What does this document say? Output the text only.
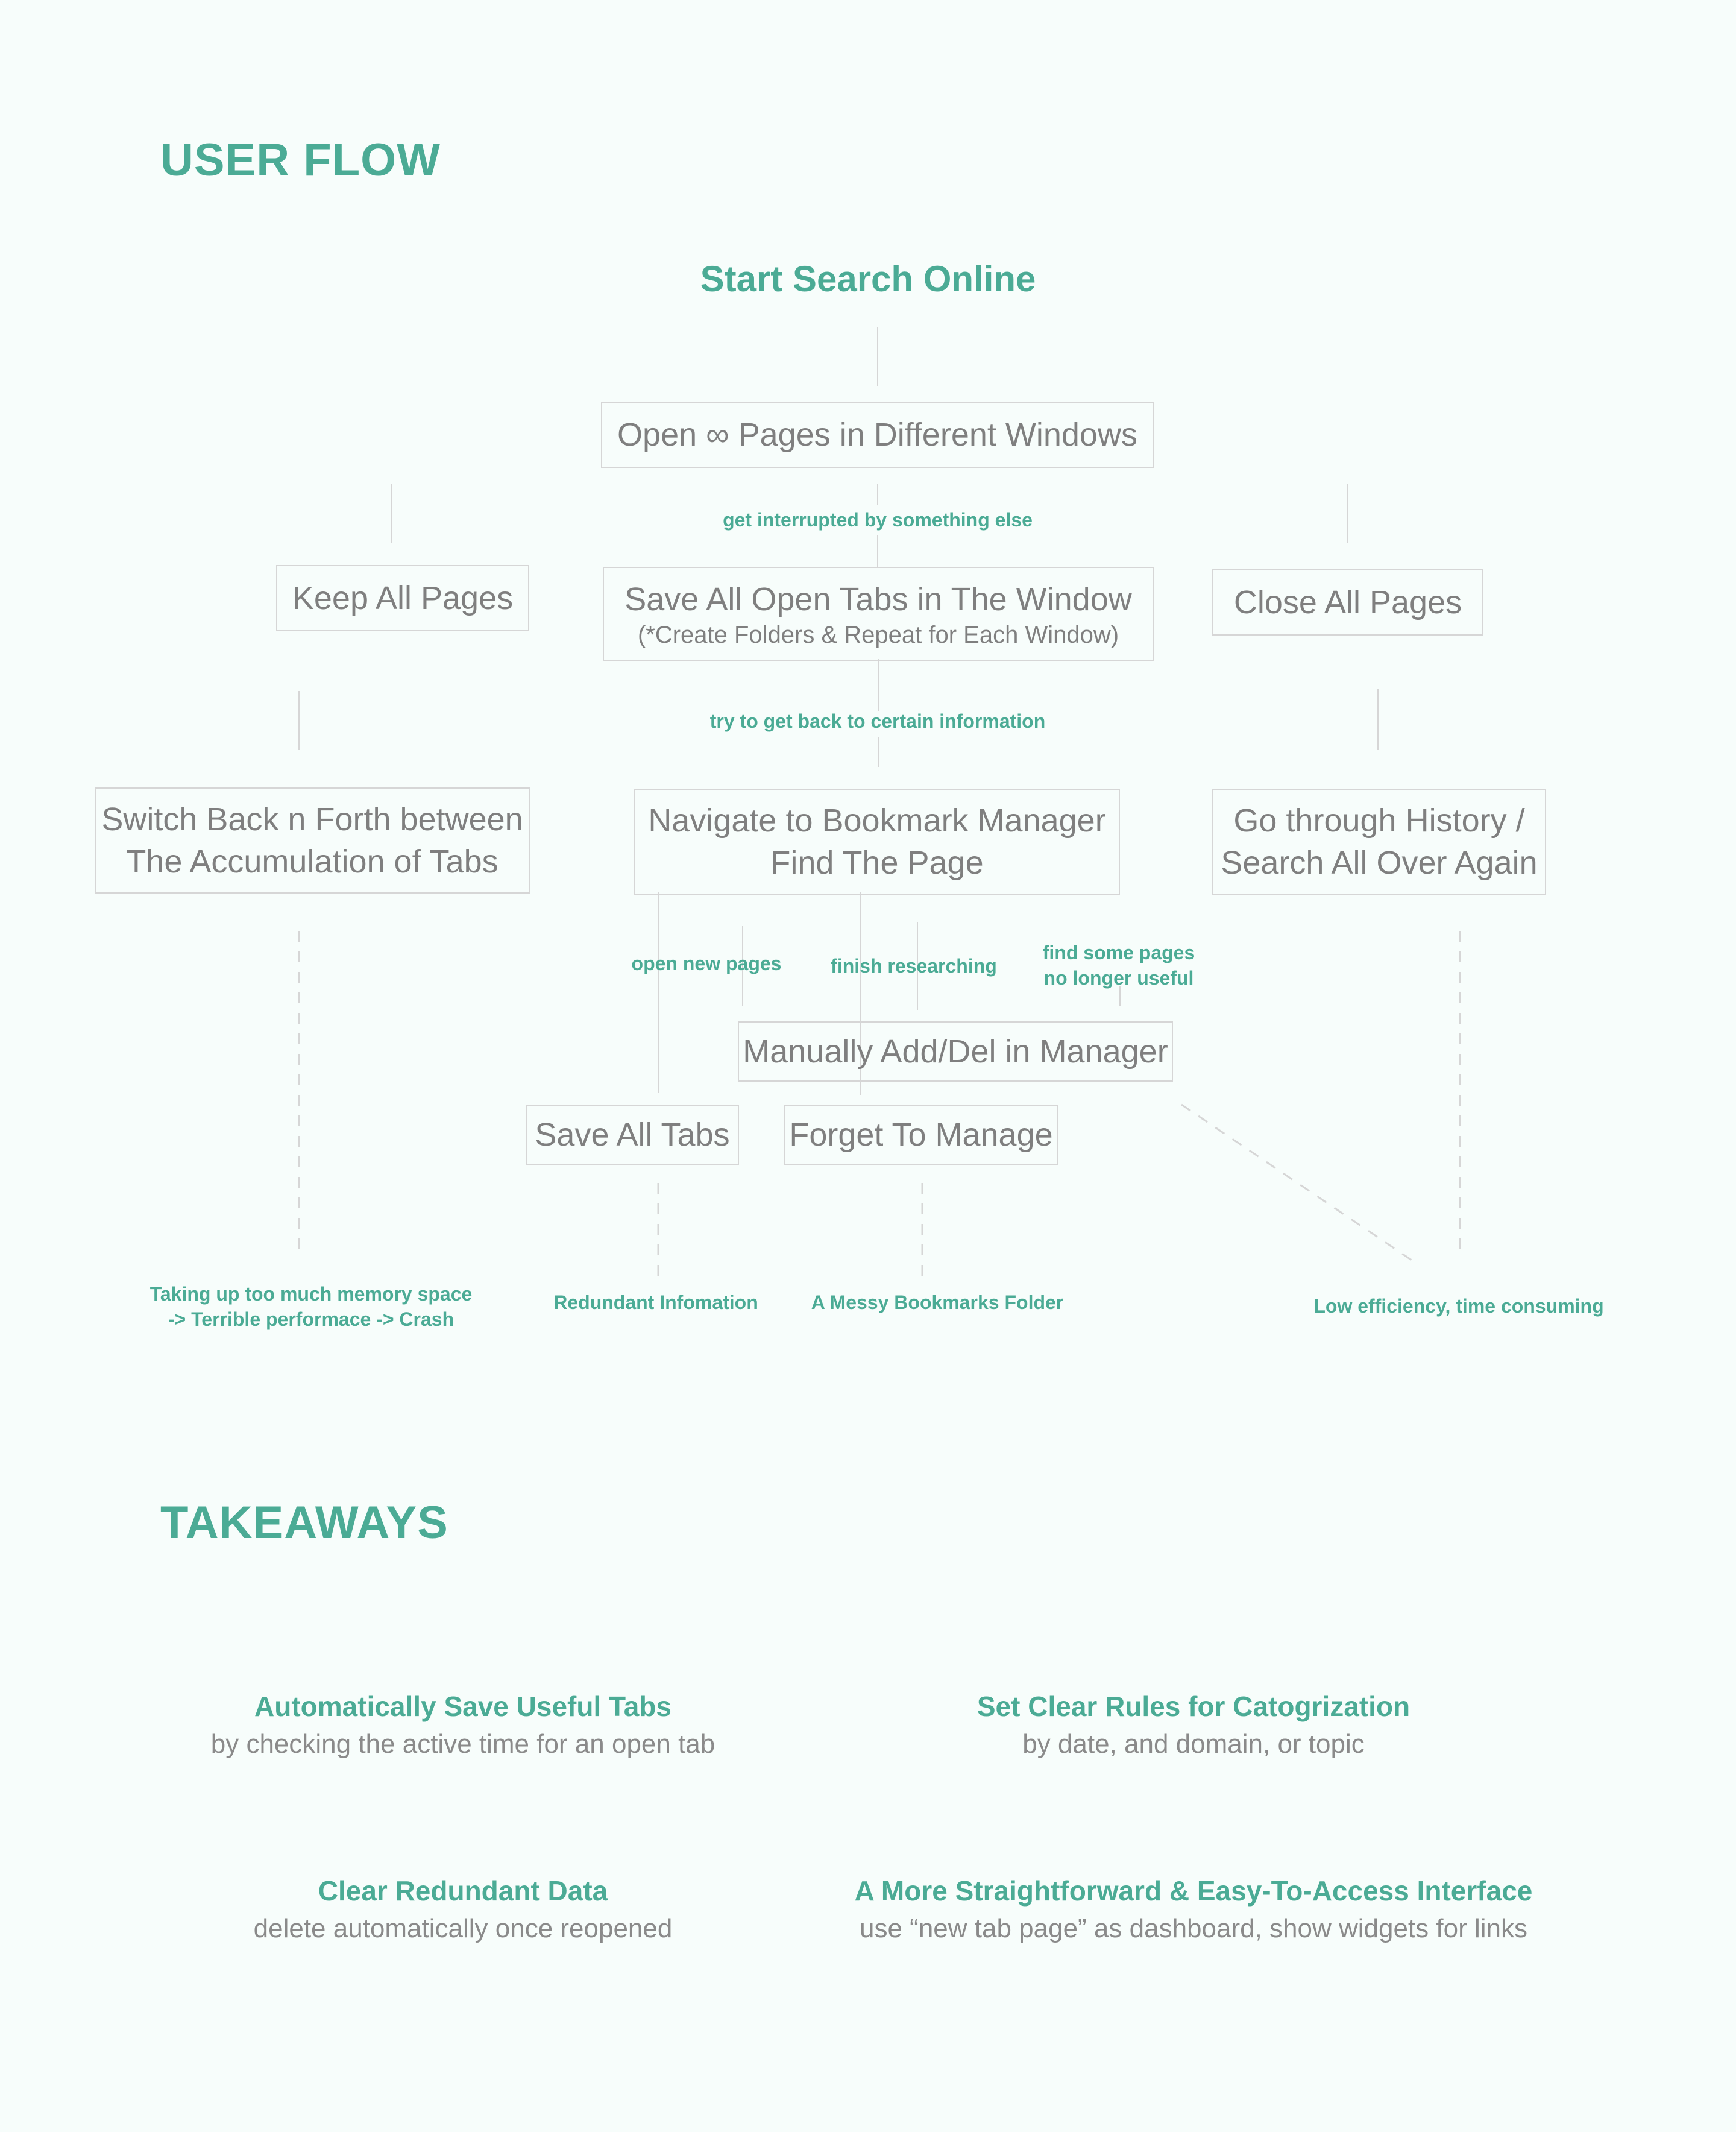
USER FLOW
TAKEAWAYS
Start Search Online
Open ∞ Pages in Different Windows
get interrupted by something else
Keep All Pages	Save All Open Tabs in The Window
(*Create Folders & Repeat for Each Window)
Close All Pages
try to get back to certain information
Switch Back n Forth between
The Accumulation of Tabs
Navigate to Bookmark Manager
Find The Page
Go through History /
Search All Over Again
open new pages	finish researching
find some pages
no longer useful
Manually Add/Del in Manager
Save All Tabs Forget To Manage
Taking up too much memory space
-> Terrible performace -> Crash
Redundant Infomation	A Messy Bookmarks Folder	Low efficiency, time consuming
Automatically Save Useful Tabs
by checking the active time for an open tab
Set Clear Rules for Catogrization
by date, and domain, or topic
Clear Redundant Data
delete automatically once reopened
A More Straightforward & Easy-To-Access Interface
use “new tab page” as dashboard, show widgets for links
